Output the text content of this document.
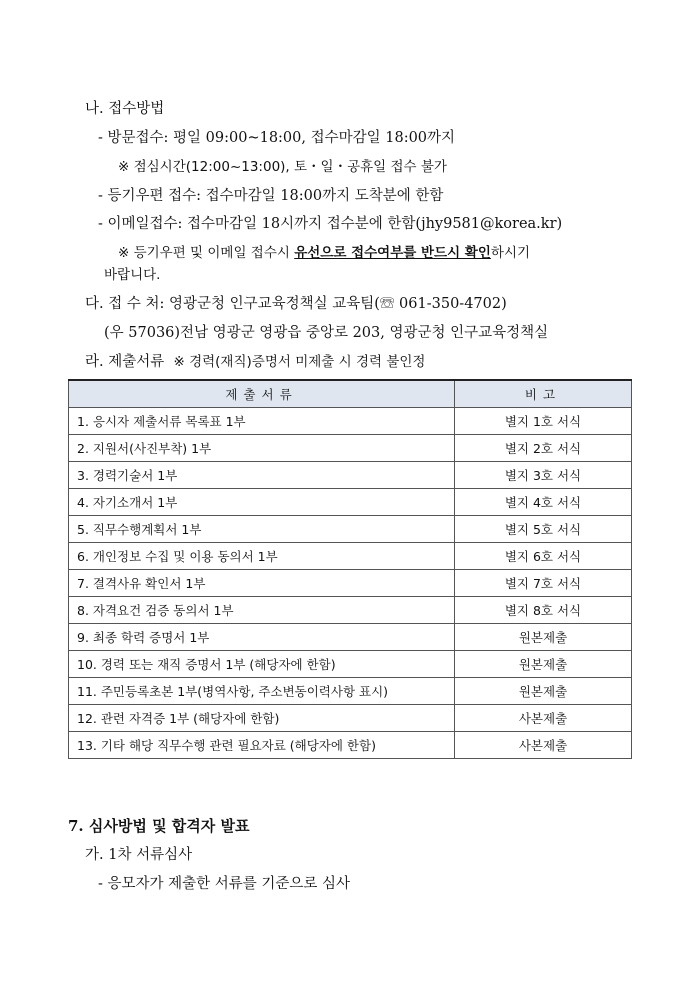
나. 접수방법
- 방문접수: 평일 09:00~18:00, 접수마감일 18:00까지
※ 점심시간(12:00~13:00), 토・일・공휴일 접수 불가
- 등기우편 접수: 접수마감일 18:00까지 도착분에 한함
- 이메일접수: 접수마감일 18시까지 접수분에 한함(jhy9581@korea.kr)
※ 등기우편 및 이메일 접수시 유선으로 접수여부를 반드시 확인하시기
바랍니다.
다. 접 수 처: 영광군청 인구교육정책실 교육팀(☏ 061-350-4702)
(우 57036)전남 영광군 영광읍 중앙로 203, 영광군청 인구교육정책실
라. 제출서류 ※ 경력(재직)증명서 미제출 시 경력 불인정
제출서류	비고
1. 응시자 제출서류 목록표 1부	별지 1호 서식
2. 지원서(사진부착) 1부	별지 2호 서식
3. 경력기술서 1부	별지 3호 서식
4. 자기소개서 1부	별지 4호 서식
5. 직무수행계획서 1부	별지 5호 서식
6. 개인정보 수집 및 이용 동의서 1부	별지 6호 서식
7. 결격사유 확인서 1부	별지 7호 서식
8. 자격요건 검증 동의서 1부	별지 8호 서식
9. 최종 학력 증명서 1부	원본제출
10. 경력 또는 재직 증명서 1부 (해당자에 한함)	원본제출
11. 주민등록초본 1부(병역사항, 주소변동이력사항 표시)	원본제출
12. 관련 자격증 1부 (해당자에 한함)	사본제출
13. 기타 해당 직무수행 관련 필요자료 (해당자에 한함)	사본제출
7. 심사방법 및 합격자 발표
가. 1차 서류심사
- 응모자가 제출한 서류를 기준으로 심사
